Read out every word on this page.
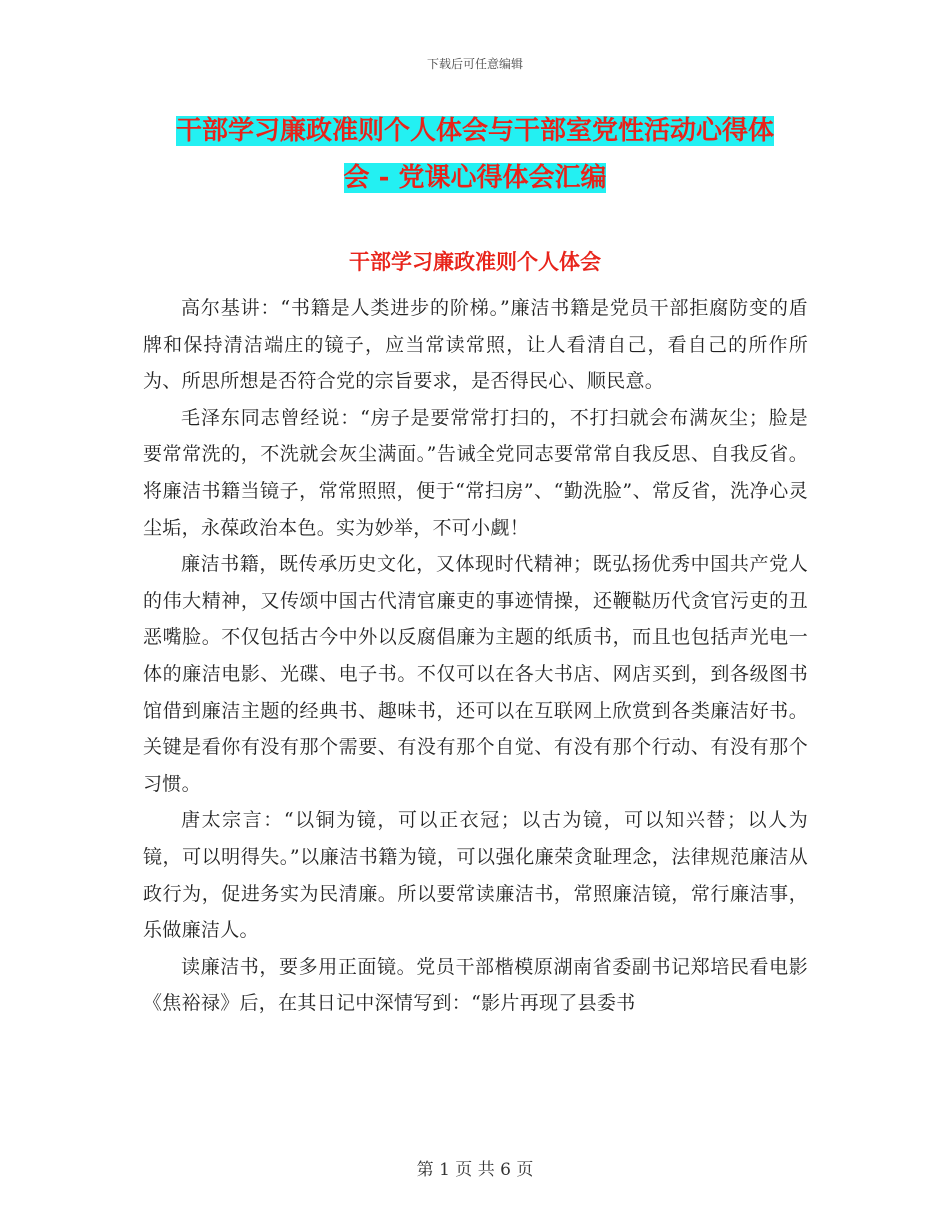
下载后可任意编辑
干部学习廉政准则个人体会与干部室党性活动心得体
会 - 党课心得体会汇编
干部学习廉政准则个人体会

高尔基讲：“书籍是人类进步的阶梯。”廉洁书籍是党员干部拒腐防变的盾牌和保持清洁端庄的镜子，应当常读常照，让人看清自己，看自己的所作所为、所思所想是否符合党的宗旨要求，是否得民心、顺民意。

毛泽东同志曾经说：“房子是要常常打扫的，不打扫就会布满灰尘；脸是要常常洗的，不洗就会灰尘满面。”告诫全党同志要常常自我反思、自我反省。将廉洁书籍当镜子，常常照照，便于“常扫房”、“勤洗脸”、常反省，洗净心灵尘垢，永葆政治本色。实为妙举，不可小觑！

廉洁书籍，既传承历史文化，又体现时代精神；既弘扬优秀中国共产党人的伟大精神，又传颂中国古代清官廉吏的事迹情操，还鞭鞑历代贪官污吏的丑恶嘴脸。不仅包括古今中外以反腐倡廉为主题的纸质书，而且也包括声光电一体的廉洁电影、光碟、电子书。不仅可以在各大书店、网店买到，到各级图书馆借到廉洁主题的经典书、趣味书，还可以在互联网上欣赏到各类廉洁好书。关键是看你有没有那个需要、有没有那个自觉、有没有那个行动、有没有那个习惯。

唐太宗言：“以铜为镜，可以正衣冠；以古为镜，可以知兴替；以人为镜，可以明得失。”以廉洁书籍为镜，可以强化廉荣贪耻理念，法律规范廉洁从政行为，促进务实为民清廉。所以要常读廉洁书，常照廉洁镜，常行廉洁事，乐做廉洁人。

读廉洁书，要多用正面镜。党员干部楷模原湖南省委副书记郑培民看电影《焦裕禄》后，在其日记中深情写到：“影片再现了县委书

第 1 页 共 6 页
